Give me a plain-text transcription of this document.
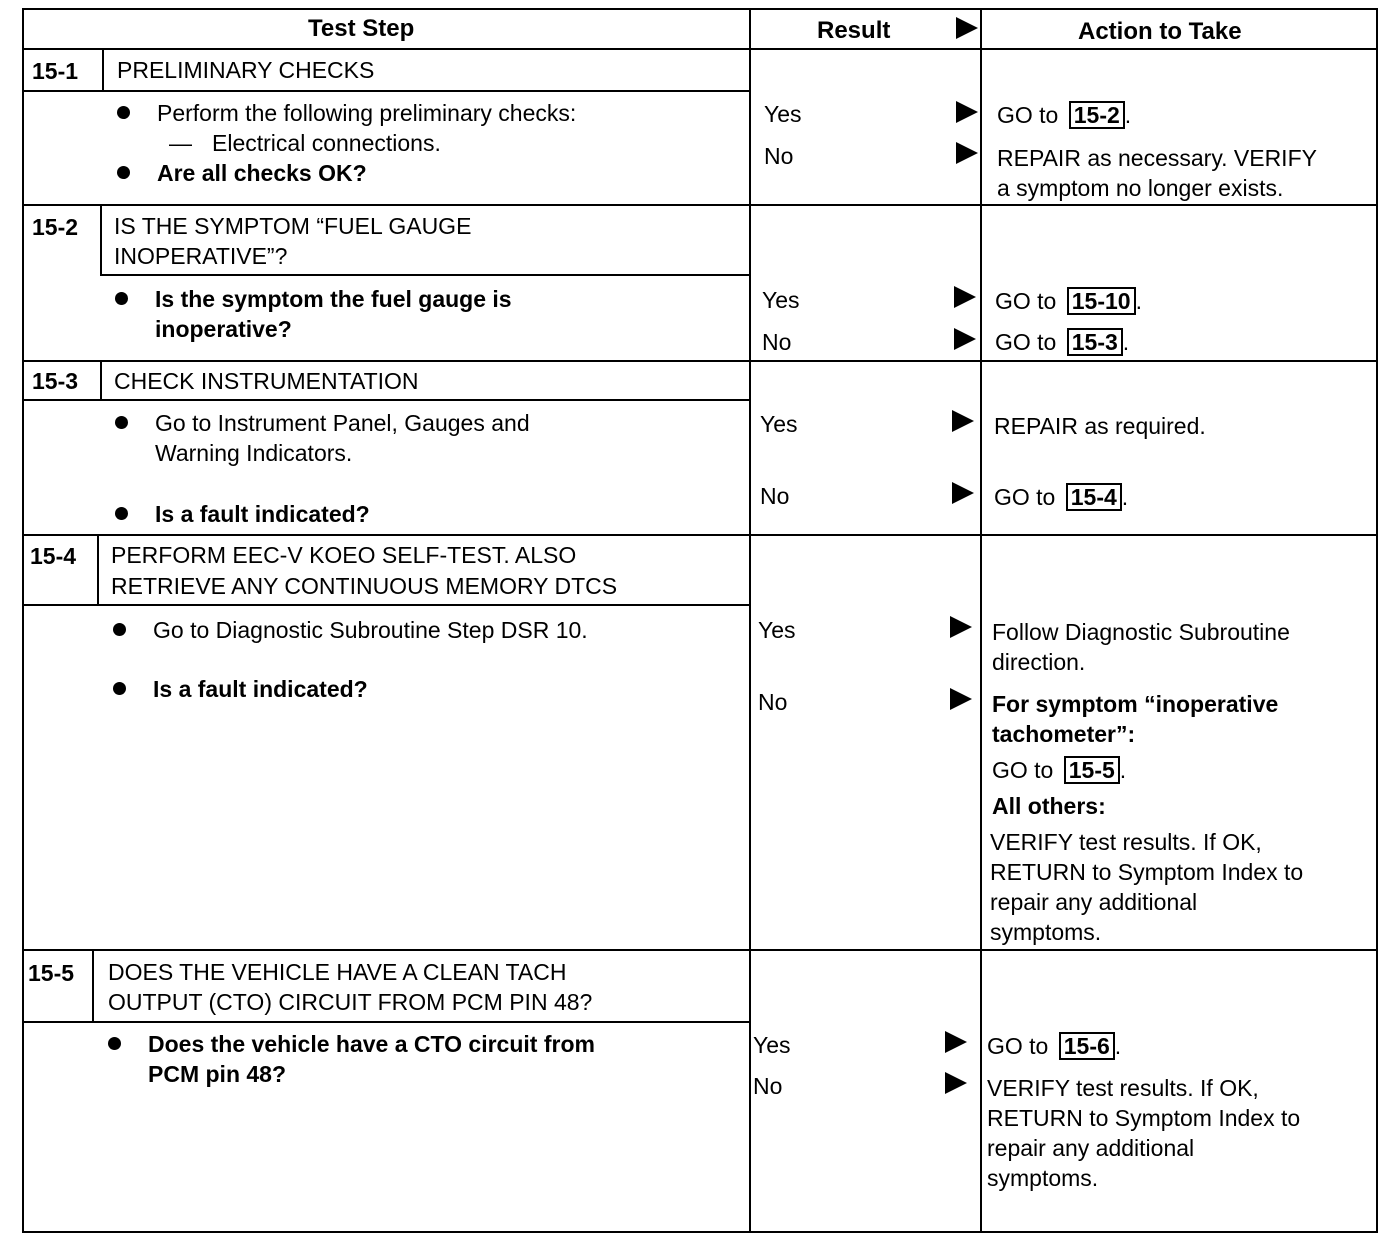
Test Step	Result	Action to Take
15-1 PRELIMINARY CHECKS
Perform the following preliminary checks:
— Electrical connections.
Are all checks OK?
Yes
No
GO to 15-2 .
REPAIR as necessary. VERIFY
a symptom no longer exists.
15-2 IS THE SYMPTOM “FUEL GAUGE
INOPERATIVE”?
Is the symptom the fuel gauge is
inoperative?
Yes
No
GO to 15-10 .
GO to 15-3 .
15-3 CHECK INSTRUMENTATION
Go to Instrument Panel, Gauges and
Warning Indicators.
Is a fault indicated?
Yes
No
REPAIR as required.
GO to 15-4 .
15-4 PERFORM EEC-V KOEO SELF-TEST. ALSO
RETRIEVE ANY CONTINUOUS MEMORY DTCS
Go to Diagnostic Subroutine Step DSR 10.
Is a fault indicated?
Yes
No
Follow Diagnostic Subroutine
direction.
For symptom “inoperative
tachometer”:
GO to 15-5 .
All others:
VERIFY test results. If OK,
RETURN to Symptom Index to
repair any additional
symptoms.
15-5 DOES THE VEHICLE HAVE A CLEAN TACH
OUTPUT (CTO) CIRCUIT FROM PCM PIN 48?
Does the vehicle have a CTO circuit from
PCM pin 48?
Yes
No
GO to 15-6 .
VERIFY test results. If OK,
RETURN to Symptom Index to
repair any additional
symptoms.
